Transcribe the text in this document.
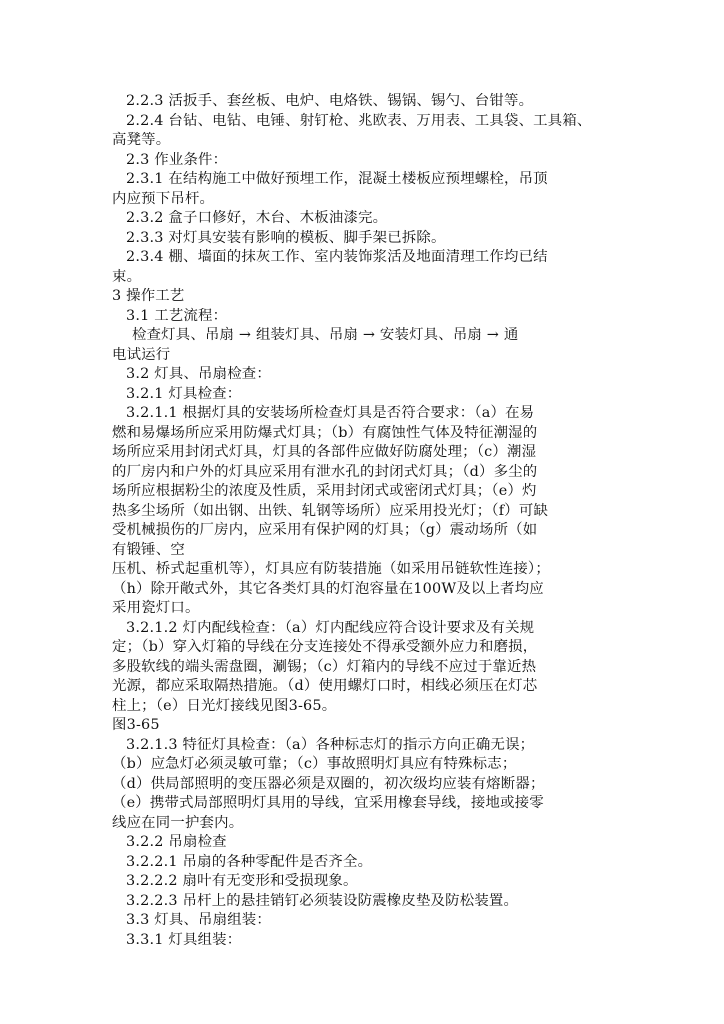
2.2.3 活扳手、套丝板、电炉、电烙铁、锡锅、锡勺、台钳等。
2.2.4 台钻、电钻、电锤、射钉枪、兆欧表、万用表、工具袋、工具箱、
高凳等。
2.3 作业条件：
2.3.1 在结构施工中做好预埋工作，混凝土楼板应预埋螺栓，吊顶
内应预下吊杆。
2.3.2 盒子口修好，木台、木板油漆完。
2.3.3 对灯具安装有影响的模板、脚手架已拆除。
2.3.4 棚、墙面的抹灰工作、室内装饰浆活及地面清理工作均已结
束。
3 操作工艺
3.1 工艺流程：
检查灯具、吊扇 → 组装灯具、吊扇 → 安装灯具、吊扇 → 通
电试运行
3.2 灯具、吊扇检查：
3.2.1 灯具检查：
3.2.1.1 根据灯具的安装场所检查灯具是否符合要求：（a）在易
燃和易爆场所应采用防爆式灯具；（b）有腐蚀性气体及特征潮湿的
场所应采用封闭式灯具，灯具的各部件应做好防腐处理；（c）潮湿
的厂房内和户外的灯具应采用有泄水孔的封闭式灯具；（d）多尘的
场所应根据粉尘的浓度及性质，采用封闭式或密闭式灯具；（e）灼
热多尘场所（如出钢、出铁、轧钢等场所）应采用投光灯；（f）可缺
受机械损伤的厂房内，应采用有保护网的灯具；（g）震动场所（如
有锻锤、空
压机、桥式起重机等），灯具应有防装措施（如采用吊链软性连接）；
（h）除开敞式外，其它各类灯具的灯泡容量在100W及以上者均应
采用瓷灯口。
3.2.1.2 灯内配线检查：（a）灯内配线应符合设计要求及有关规
定；（b）穿入灯箱的导线在分支连接处不得承受额外应力和磨损，
多股软线的端头需盘圈，涮锡；（c）灯箱内的导线不应过于靠近热
光源，都应采取隔热措施。（d）使用螺灯口时，相线必须压在灯芯
柱上；（e）日光灯接线见图3-65。
图3-65
3.2.1.3 特征灯具检查：（a）各种标志灯的指示方向正确无误；
（b）应急灯必须灵敏可靠；（c）事故照明灯具应有特殊标志；
（d）供局部照明的变压器必须是双圈的，初次级均应装有熔断器；
（e）携带式局部照明灯具用的导线，宜采用橡套导线，接地或接零
线应在同一护套内。
3.2.2 吊扇检查
3.2.2.1 吊扇的各种零配件是否齐全。
3.2.2.2 扇叶有无变形和受损现象。
3.2.2.3 吊杆上的悬挂销钉必须装设防震橡皮垫及防松装置。
3.3 灯具、吊扇组装：
3.3.1 灯具组装：
